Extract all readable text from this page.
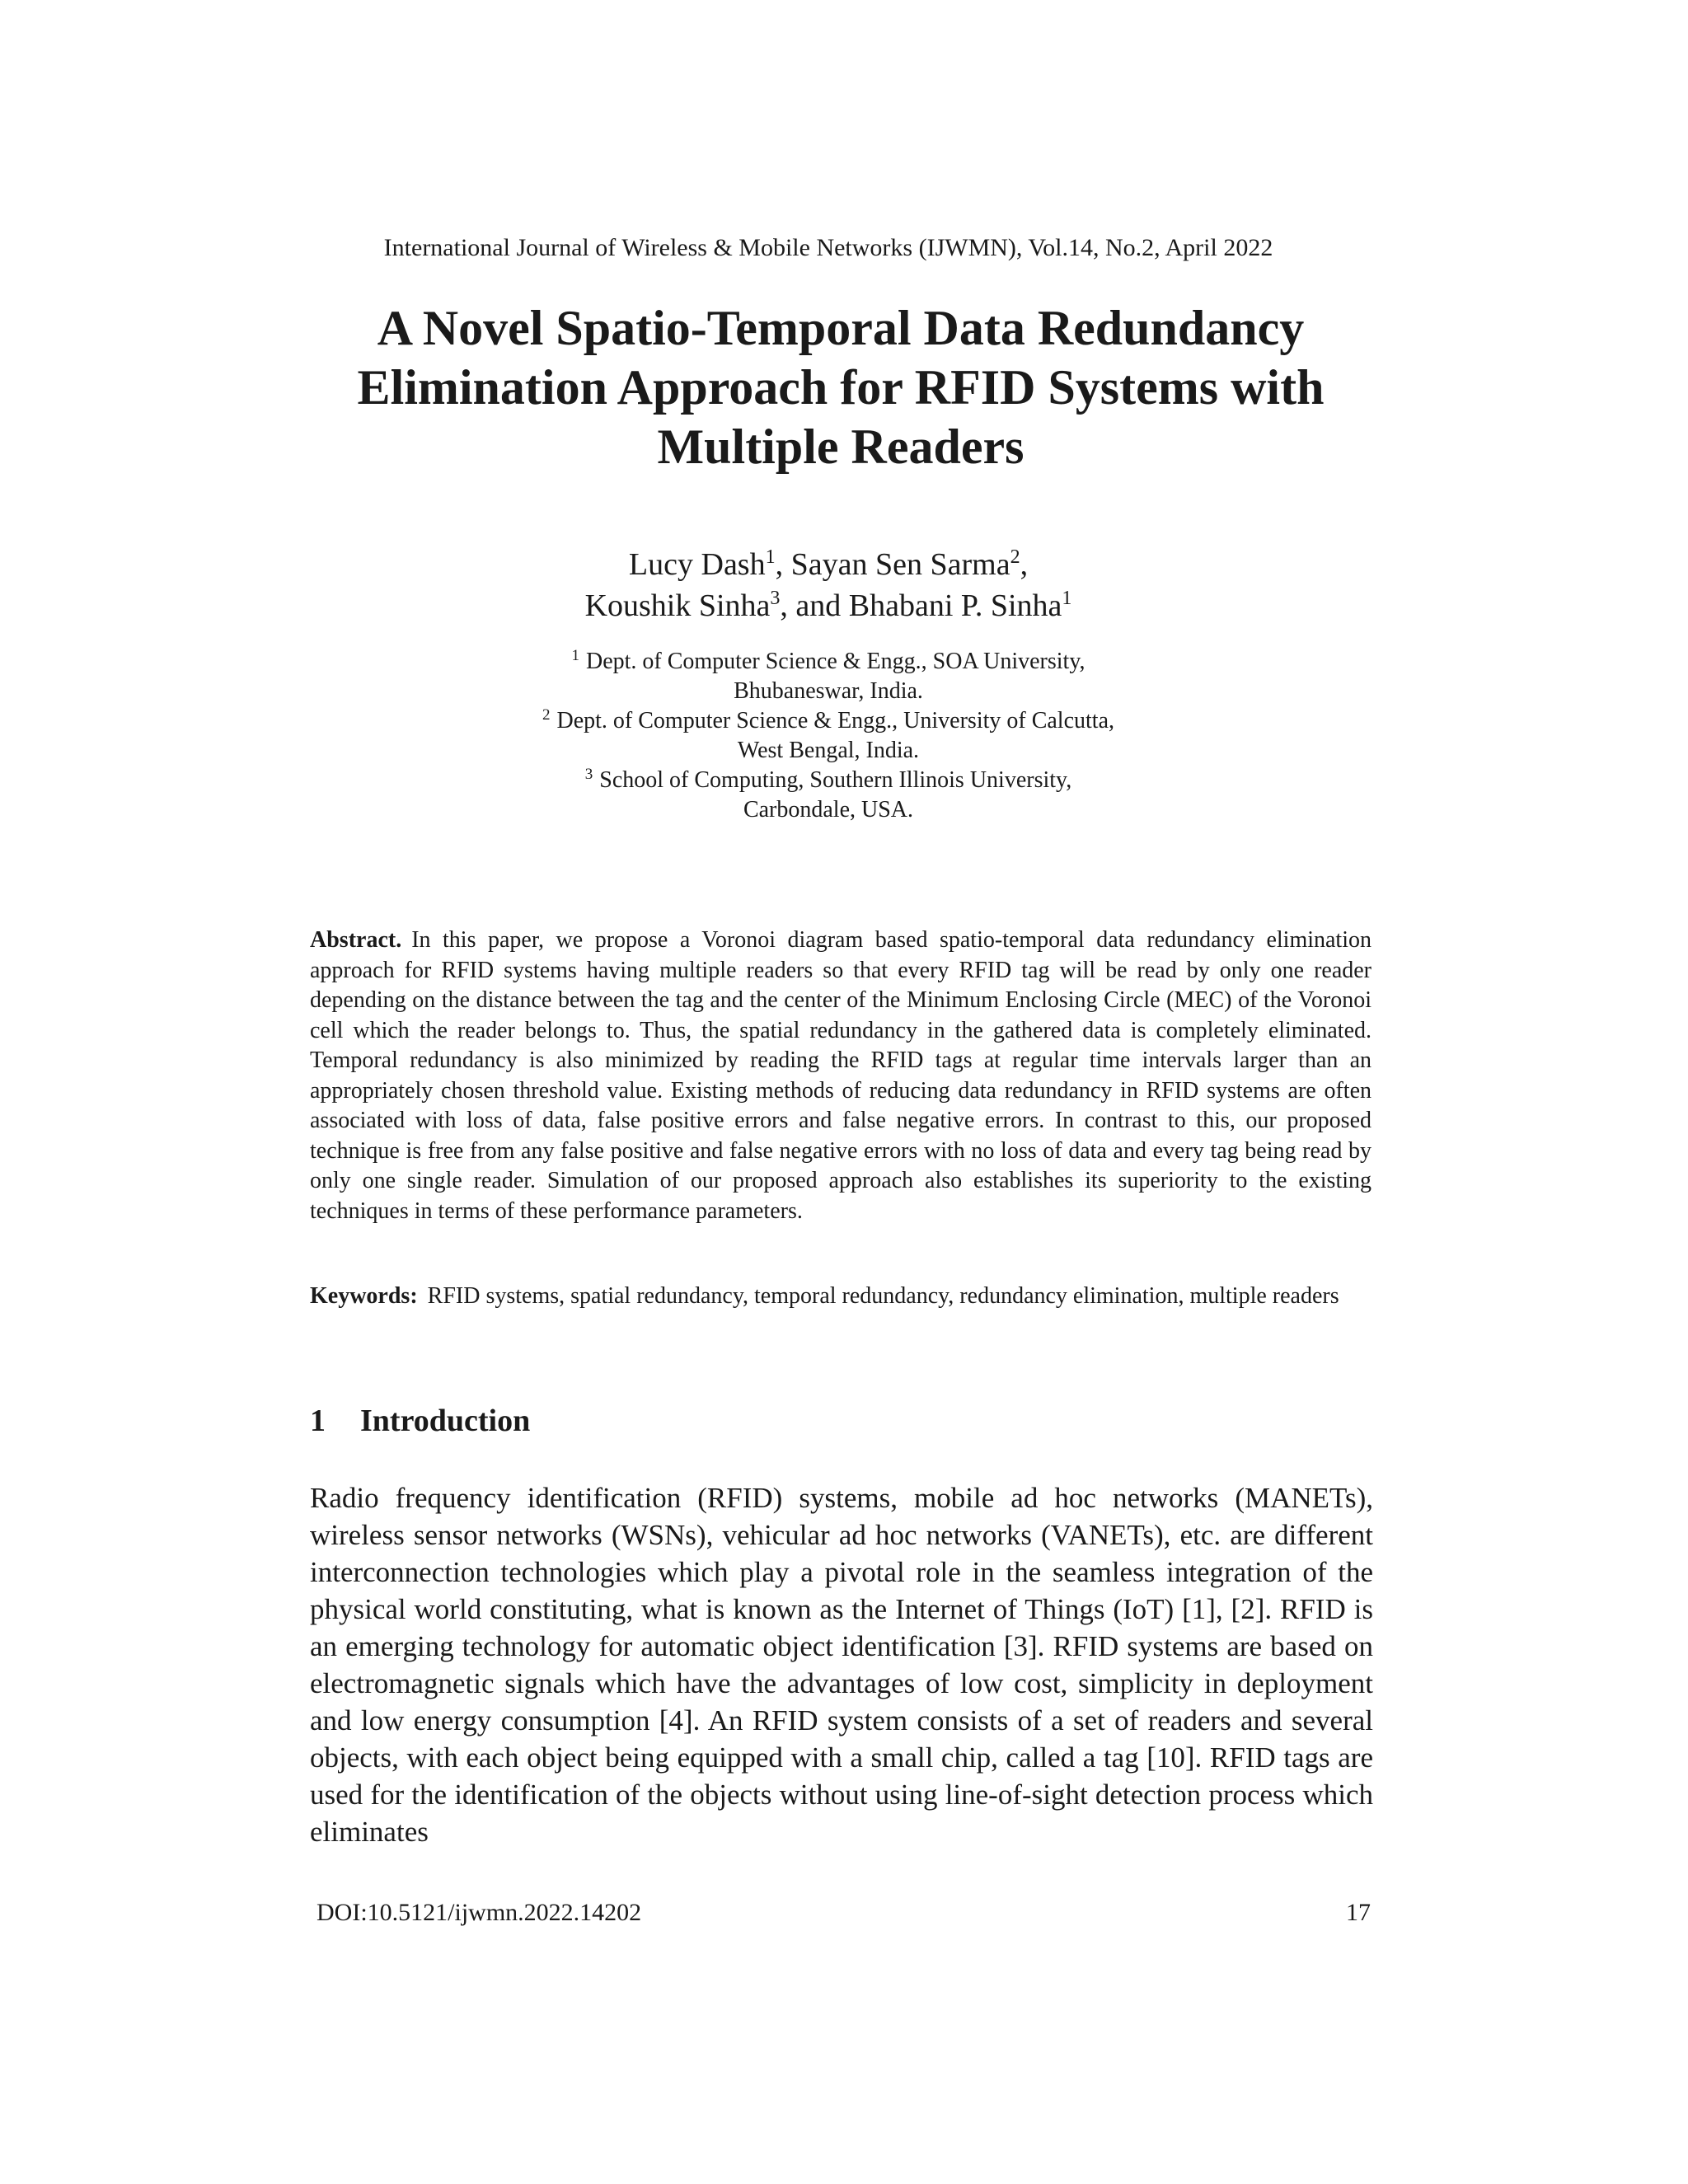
International Journal of Wireless & Mobile Networks (IJWMN), Vol.14, No.2, April 2022
A Novel Spatio-Temporal Data Redundancy
Elimination Approach for RFID Systems with
Multiple Readers
Lucy Dash$^1$, Sayan Sen Sarma$^2$,
Koushik Sinha$^3$, and Bhabani P. Sinha$^1$
$^1$ Dept. of Computer Science & Engg., SOA University,
Bhubaneswar, India.
$^2$ Dept. of Computer Science & Engg., University of Calcutta,
West Bengal, India.
$^3$ School of Computing, Southern Illinois University,
Carbondale, USA.
Abstract. In this paper, we propose a Voronoi diagram based spatio-temporal data redundancy elimination approach for RFID systems having multiple readers so that every RFID tag will be read by only one reader depending on the distance between the tag and the center of the Minimum Enclosing Circle (MEC) of the Voronoi cell which the reader belongs to. Thus, the spatial redundancy in the gathered data is completely eliminated. Temporal redundancy is also minimized by reading the RFID tags at regular time intervals larger than an appropriately chosen threshold value. Existing methods of reducing data redundancy in RFID systems are often associated with loss of data, false positive errors and false negative errors. In contrast to this, our proposed technique is free from any false positive and false negative errors with no loss of data and every tag being read by only one single reader. Simulation of our proposed approach also establishes its superiority to the existing techniques in terms of these performance parameters.
Keywords: RFID systems, spatial redundancy, temporal redundancy, redundancy elimination, multiple readers
1 Introduction
Radio frequency identification (RFID) systems, mobile ad hoc networks (MANETs), wireless sensor networks (WSNs), vehicular ad hoc networks (VANETs), etc. are different interconnection technologies which play a pivotal role in the seamless integration of the physical world constituting, what is known as the Internet of Things (IoT) [1], [2]. RFID is an emerging technology for automatic object identification [3]. RFID systems are based on electromagnetic signals which have the advantages of low cost, simplicity in deployment and low energy consumption [4]. An RFID system consists of a set of readers and several objects, with each object being equipped with a small chip, called a tag [10]. RFID tags are used for the identification of the objects without using line-of-sight detection process which eliminates
DOI:10.5121/ijwmn.2022.14202	17
